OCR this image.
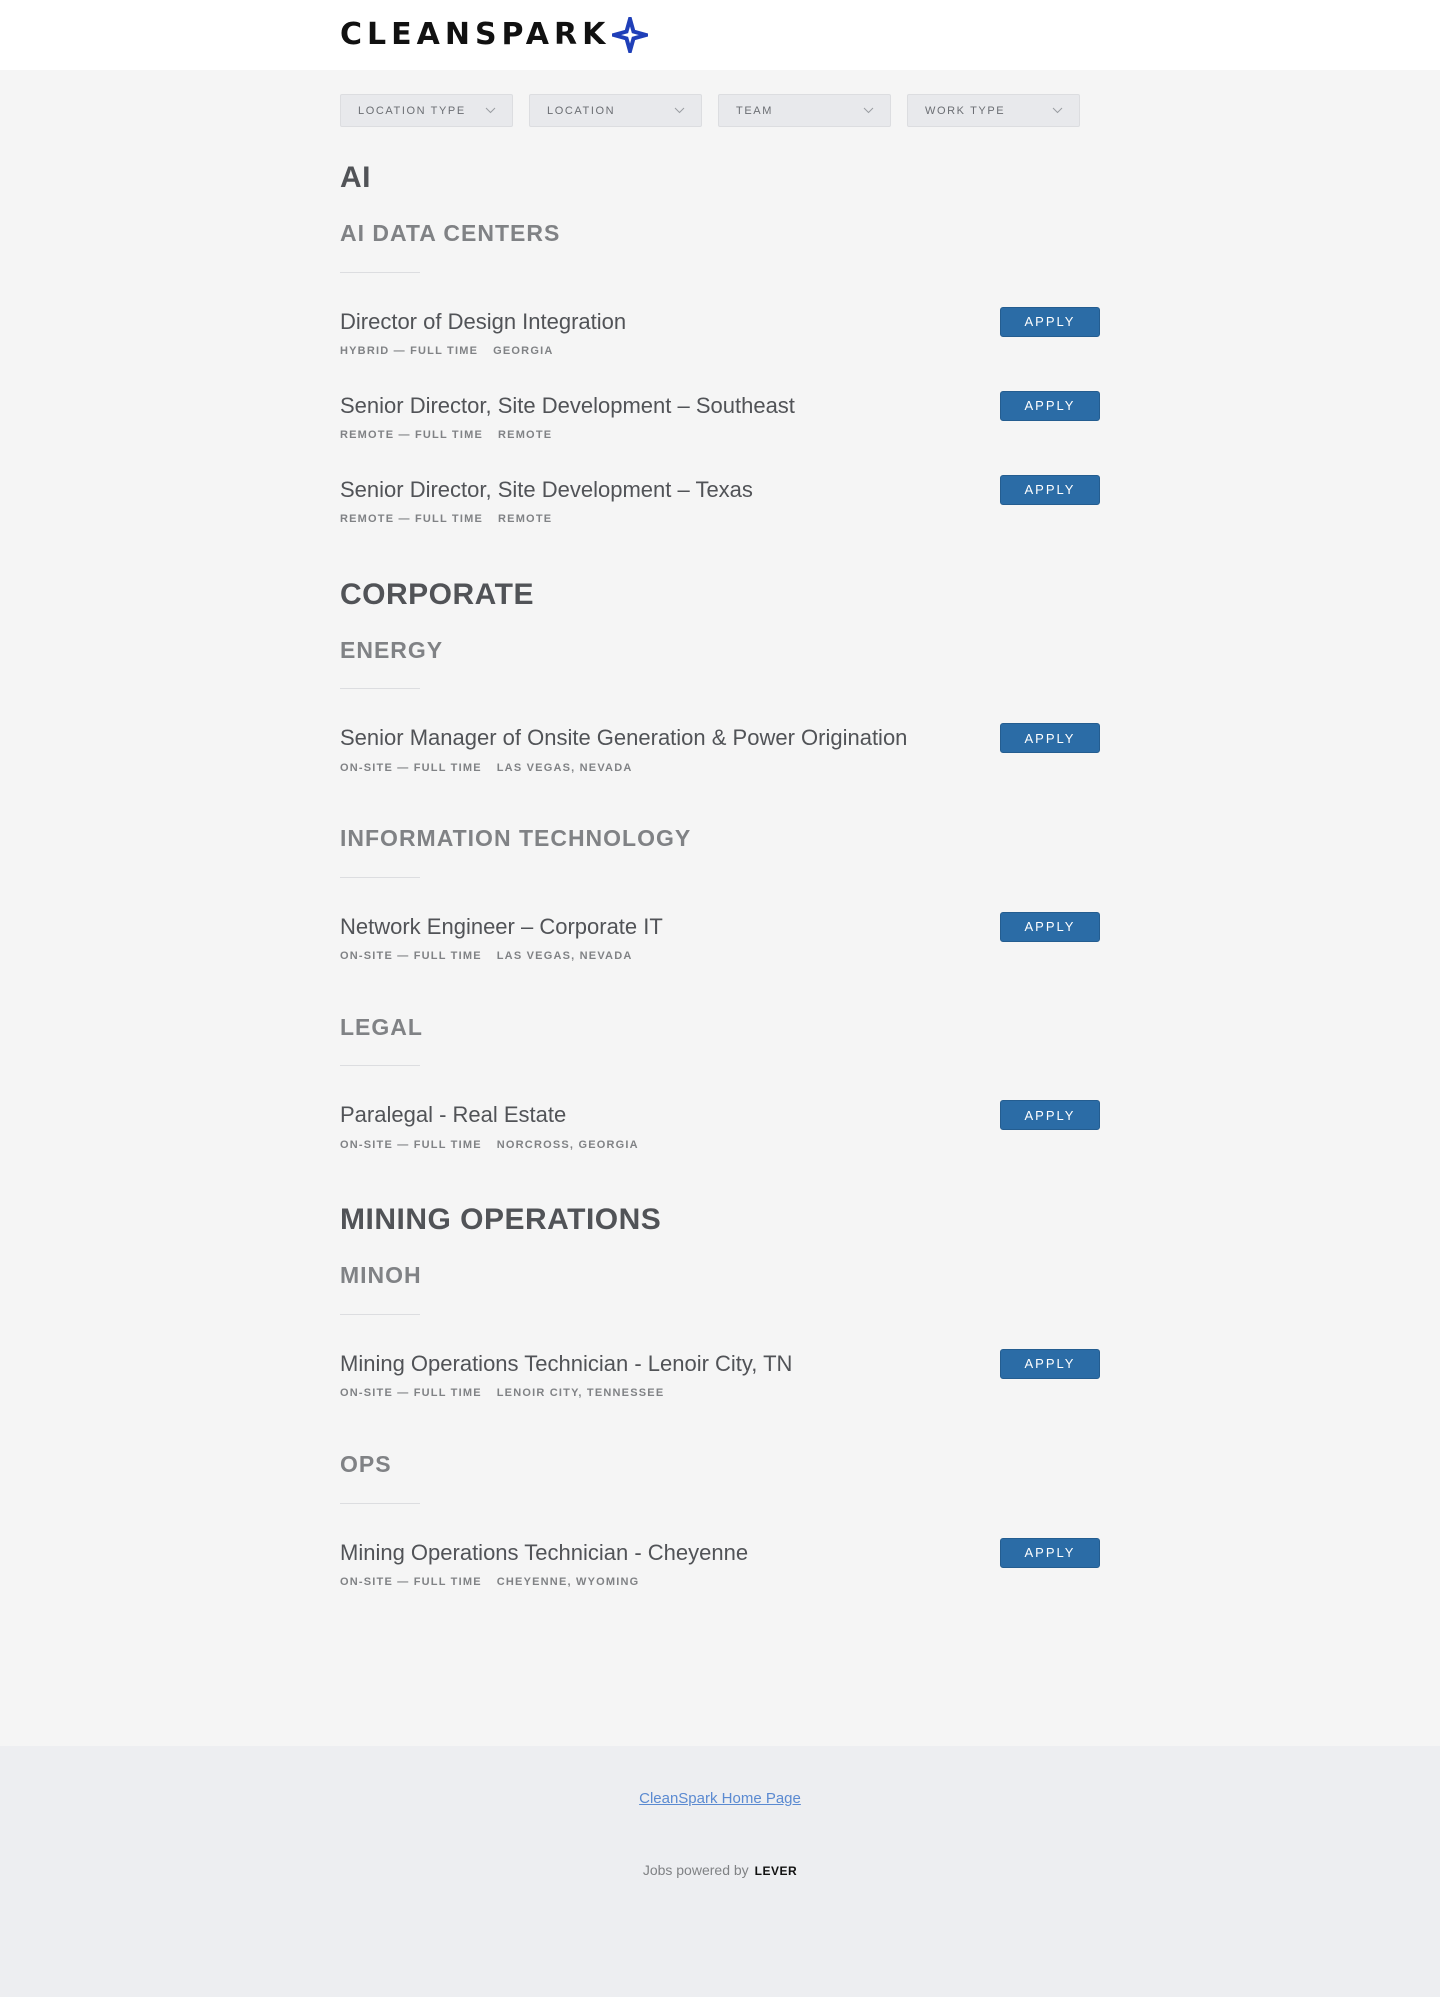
CLEANSPARK
LOCATION TYPE	LOCATION	TEAM	WORK TYPE
AI
AI DATA CENTERS
Director of Design Integration
HYBRID — FULL TIME GEORGIA
APPLY
Senior Director, Site Development – Southeast
REMOTE — FULL TIME REMOTE
APPLY
Senior Director, Site Development – Texas
REMOTE — FULL TIME REMOTE
APPLY
CORPORATE
ENERGY
Senior Manager of Onsite Generation & Power Origination
ON-SITE — FULL TIME LAS VEGAS, NEVADA
APPLY
INFORMATION TECHNOLOGY
Network Engineer – Corporate IT
ON-SITE — FULL TIME LAS VEGAS, NEVADA
APPLY
LEGAL
Paralegal - Real Estate
ON-SITE — FULL TIME NORCROSS, GEORGIA
APPLY
MINING OPERATIONS
MINOH
Mining Operations Technician - Lenoir City, TN
ON-SITE — FULL TIME LENOIR CITY, TENNESSEE
APPLY
OPS
Mining Operations Technician - Cheyenne
ON-SITE — FULL TIME CHEYENNE, WYOMING
APPLY
CleanSpark Home Page
Jobs powered by LEVER
